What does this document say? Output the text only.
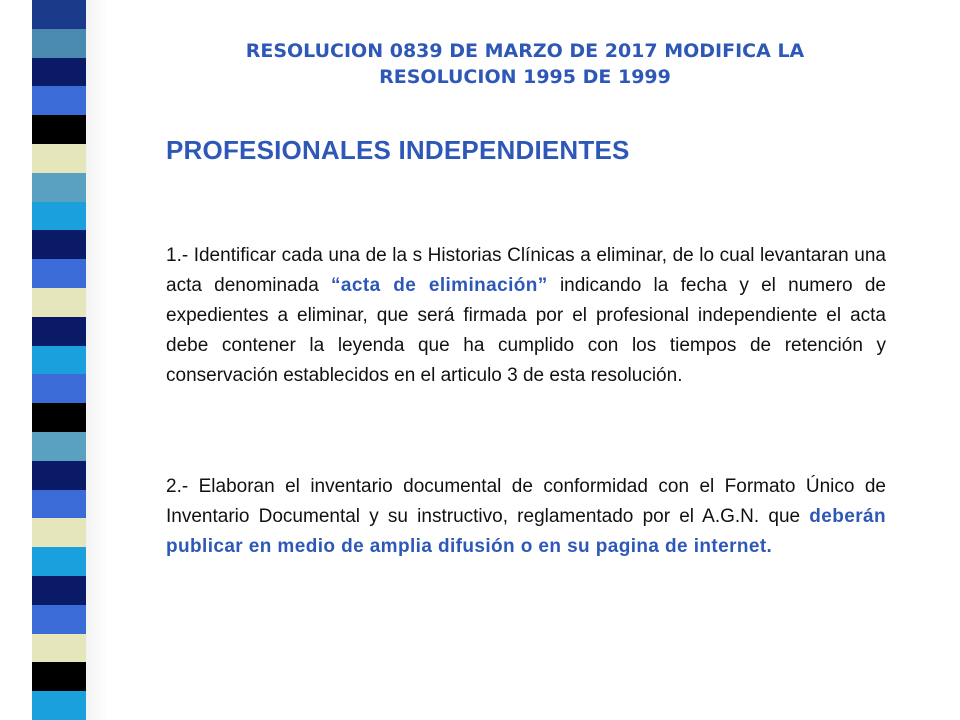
RESOLUCION 0839 DE MARZO DE 2017 MODIFICA LA RESOLUCION 1995 DE 1999
PROFESIONALES INDEPENDIENTES

1.- Identificar cada una de la s Historias Clínicas a eliminar, de lo cual levantaran una acta denominada “acta de eliminación” indicando la fecha y el numero de expedientes a eliminar, que será firmada por el profesional independiente el acta debe contener la leyenda que ha cumplido con los tiempos de retención y conservación establecidos en el articulo 3 de esta resolución.

2.- Elaboran el inventario documental de conformidad con el Formato Único de Inventario Documental y su instructivo, reglamentado por el A.G.N. que deberán publicar en medio de amplia difusión o en su pagina de internet.
